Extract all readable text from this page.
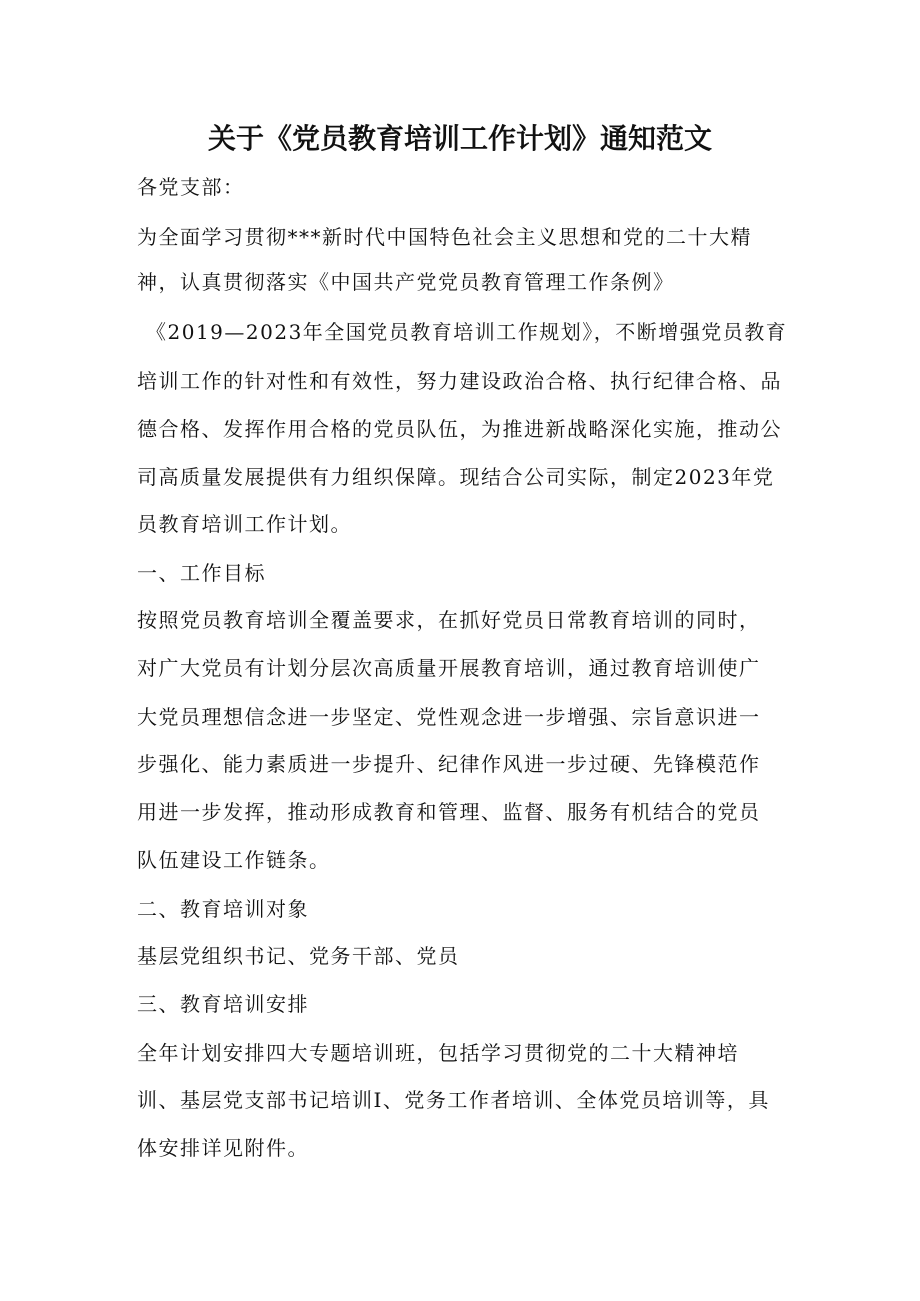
关于《党员教育培训工作计划》通知范文

各党支部：

为全面学习贯彻***新时代中国特色社会主义思想和党的二十大精

神，认真贯彻落实《中国共产党党员教育管理工作条例》

《2019—2023年全国党员教育培训工作规划》，不断增强党员教育

培训工作的针对性和有效性，努力建设政治合格、执行纪律合格、品

德合格、发挥作用合格的党员队伍，为推进新战略深化实施，推动公

司高质量发展提供有力组织保障。现结合公司实际，制定2023年党

员教育培训工作计划。

一、工作目标

按照党员教育培训全覆盖要求，在抓好党员日常教育培训的同时，

对广大党员有计划分层次高质量开展教育培训，通过教育培训使广

大党员理想信念进一步坚定、党性观念进一步增强、宗旨意识进一

步强化、能力素质进一步提升、纪律作风进一步过硬、先锋模范作

用进一步发挥，推动形成教育和管理、监督、服务有机结合的党员

队伍建设工作链条。

二、教育培训对象

基层党组织书记、党务干部、党员

三、教育培训安排

全年计划安排四大专题培训班，包括学习贯彻党的二十大精神培

训、基层党支部书记培训I、党务工作者培训、全体党员培训等，具

体安排详见附件。
